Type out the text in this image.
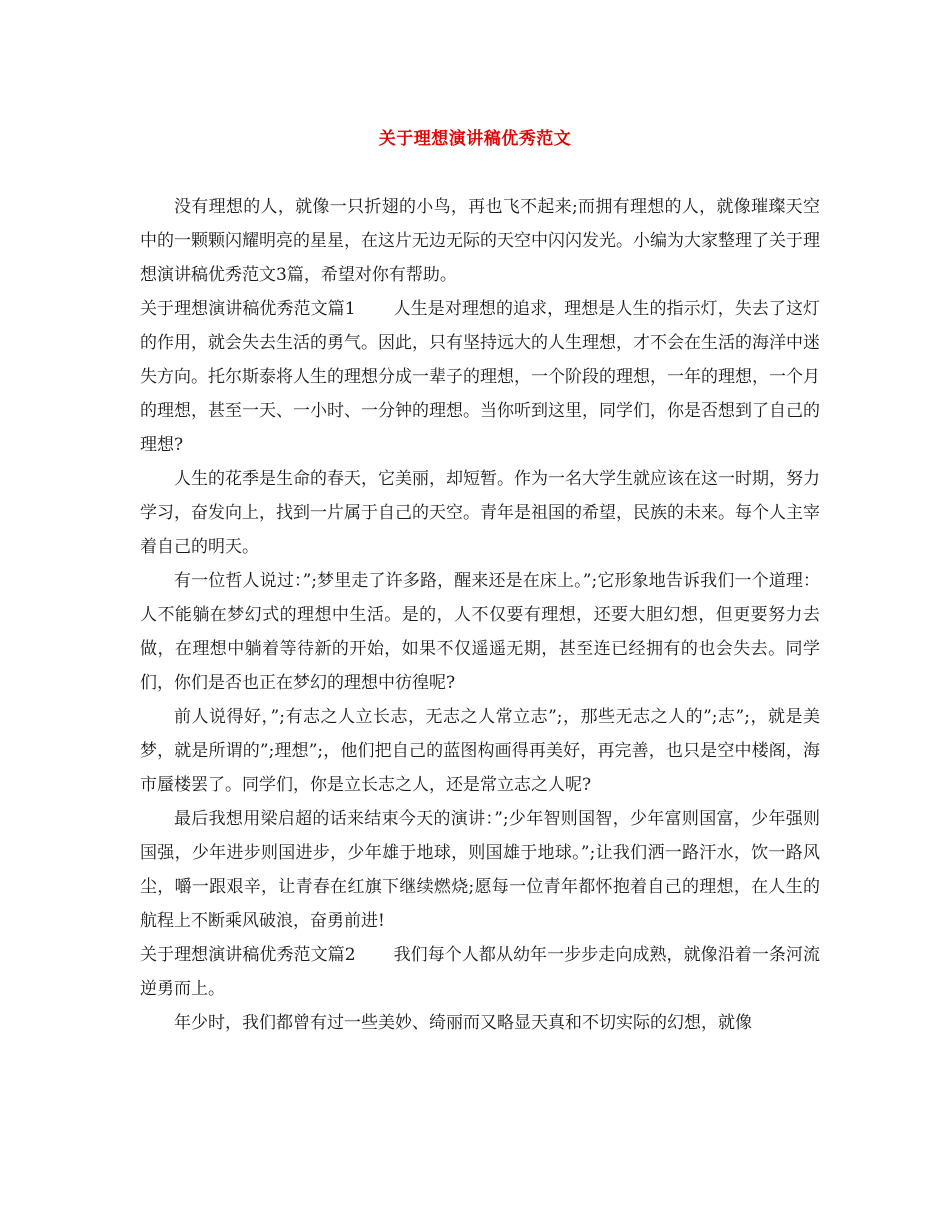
关于理想演讲稿优秀范文

没有理想的人，就像一只折翅的小鸟，再也飞不起来;而拥有理想的人，就像璀璨天空中的一颗颗闪耀明亮的星星，在这片无边无际的天空中闪闪发光。小编为大家整理了关于理想演讲稿优秀范文3篇，希望对你有帮助。

关于理想演讲稿优秀范文篇1 人生是对理想的追求，理想是人生的指示灯，失去了这灯的作用，就会失去生活的勇气。因此，只有坚持远大的人生理想，才不会在生活的海洋中迷失方向。托尔斯泰将人生的理想分成一辈子的理想，一个阶段的理想，一年的理想，一个月的理想，甚至一天、一小时、一分钟的理想。当你听到这里，同学们，你是否想到了自己的理想?

人生的花季是生命的春天，它美丽，却短暂。作为一名大学生就应该在这一时期，努力学习，奋发向上，找到一片属于自己的天空。青年是祖国的希望，民族的未来。每个人主宰着自己的明天。

有一位哲人说过：”;梦里走了许多路，醒来还是在床上。”;它形象地告诉我们一个道理：人不能躺在梦幻式的理想中生活。是的，人不仅要有理想，还要大胆幻想，但更要努力去做，在理想中躺着等待新的开始，如果不仅遥遥无期，甚至连已经拥有的也会失去。同学们，你们是否也正在梦幻的理想中彷徨呢?

前人说得好，”;有志之人立长志，无志之人常立志”;，那些无志之人的”;志”;，就是美梦，就是所谓的”;理想”;，他们把自己的蓝图构画得再美好，再完善，也只是空中楼阁，海市蜃楼罢了。同学们，你是立长志之人，还是常立志之人呢?

最后我想用梁启超的话来结束今天的演讲：”;少年智则国智，少年富则国富，少年强则国强，少年进步则国进步，少年雄于地球，则国雄于地球。”;让我们洒一路汗水，饮一路风尘，嚼一跟艰辛，让青春在红旗下继续燃烧;愿每一位青年都怀抱着自己的理想，在人生的航程上不断乘风破浪，奋勇前进!

关于理想演讲稿优秀范文篇2 我们每个人都从幼年一步步走向成熟，就像沿着一条河流逆勇而上。

年少时，我们都曾有过一些美妙、绮丽而又略显天真和不切实际的幻想，就像
